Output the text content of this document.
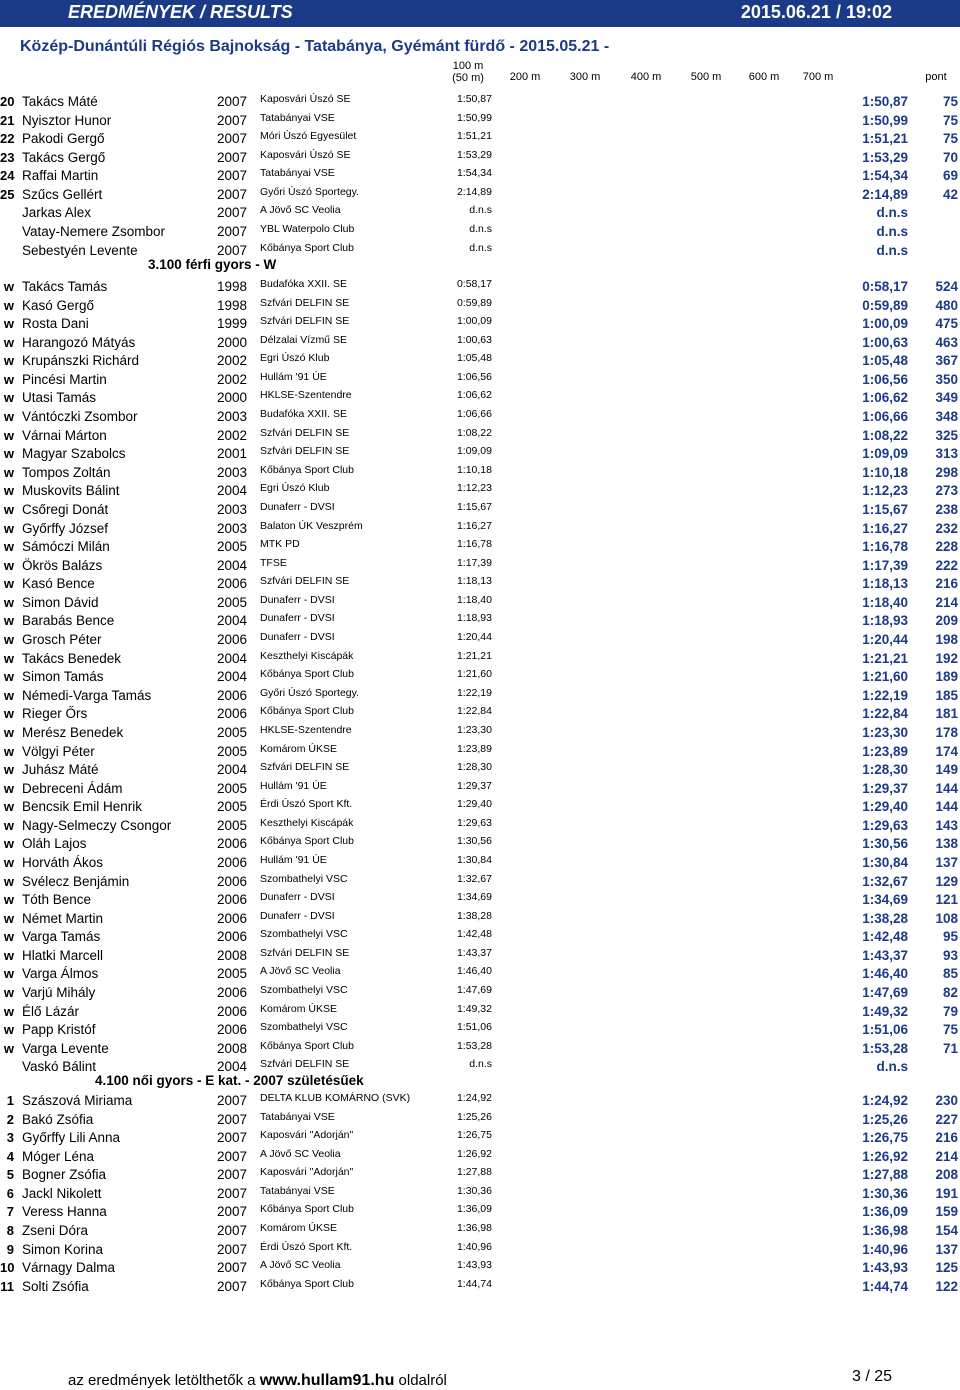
EREDMÉNYEK / RESULTS	2015.06.21 / 19:02
Közép-Dunántúli Régiós Bajnokság - Tatabánya, Gyémánt fürdő - 2015.05.21 -
100 m
(50 m)	200 m	300 m	400 m	500 m	600 m	700 m	pont
20 Takács Máté	2007 Kaposvári Úszó SE	1:50,87	1:50,87	75
21 Nyisztor Hunor	2007 Tatabányai VSE	1:50,99	1:50,99	75
22 Pakodi Gergő	2007 Móri Úszó Egyesület	1:51,21	1:51,21	75
23 Takács Gergő	2007 Kaposvári Úszó SE	1:53,29	1:53,29	70
24 Raffai Martin	2007 Tatabányai VSE	1:54,34	1:54,34	69
25 Szűcs Gellért	2007 Győri Úszó Sportegy.	2:14,89	2:14,89	42
Jarkas Alex	2007 A Jövő SC Veolia	d.n.s	d.n.s
Vatay-Nemere Zsombor	2007 YBL Waterpolo Club	d.n.s	d.n.s
Sebestyén Levente	2007 Kőbánya Sport Club	d.n.s	d.n.s
w Takács Tamás	1998 Budafóka XXII. SE	0:58,17	0:58,17	524
w Kasó Gergő	1998 Szfvári DELFIN SE	0:59,89	0:59,89	480
w Rosta Dani	1999 Szfvári DELFIN SE	1:00,09	1:00,09	475
w Harangozó Mátyás	2000 Délzalai Vízmű SE	1:00,63	1:00,63	463
w Krupánszki Richárd	2002 Egri Úszó Klub	1:05,48	1:05,48	367
w Pincési Martin	2002 Hullám '91 ÚE	1:06,56	1:06,56	350
w Utasi Tamás	2000 HKLSE-Szentendre	1:06,62	1:06,62	349
w Vántóczki Zsombor	2003 Budafóka XXII. SE	1:06,66	1:06,66	348
w Várnai Márton	2002 Szfvári DELFIN SE	1:08,22	1:08,22	325
w Magyar Szabolcs	2001 Szfvári DELFIN SE	1:09,09	1:09,09	313
w Tompos Zoltán	2003 Kőbánya Sport Club	1:10,18	1:10,18	298
w Muskovits Bálint	2004 Egri Úszó Klub	1:12,23	1:12,23	273
w Csőregi Donát	2003 Dunaferr - DVSI	1:15,67	1:15,67	238
w Győrffy József	2003 Balaton ÚK Veszprém	1:16,27	1:16,27	232
w Sámóczi Milán	2005 MTK PD	1:16,78	1:16,78	228
w Ökrös Balázs	2004 TFSE	1:17,39	1:17,39	222
w Kasó Bence	2006 Szfvári DELFIN SE	1:18,13	1:18,13	216
w Simon Dávid	2005 Dunaferr - DVSI	1:18,40	1:18,40	214
w Barabás Bence	2004 Dunaferr - DVSI	1:18,93	1:18,93	209
w Grosch Péter	2006 Dunaferr - DVSI	1:20,44	1:20,44	198
w Takács Benedek	2004 Keszthelyi Kiscápák	1:21,21	1:21,21	192
w Simon Tamás	2004 Kőbánya Sport Club	1:21,60	1:21,60	189
w Némedi-Varga Tamás	2006 Győri Úszó Sportegy.	1:22,19	1:22,19	185
w Rieger Őrs	2006 Kőbánya Sport Club	1:22,84	1:22,84	181
w Merész Benedek	2005 HKLSE-Szentendre	1:23,30	1:23,30	178
w Völgyi Péter	2005 Komárom ÚKSE	1:23,89	1:23,89	174
w Juhász Máté	2004 Szfvári DELFIN SE	1:28,30	1:28,30	149
w Debreceni Ádám	2005 Hullám '91 ÚE	1:29,37	1:29,37	144
w Bencsik Emil Henrik	2005 Érdi Úszó Sport Kft.	1:29,40	1:29,40	144
w Nagy-Selmeczy Csongor	2005 Keszthelyi Kiscápák	1:29,63	1:29,63	143
w Oláh Lajos	2006 Kőbánya Sport Club	1:30,56	1:30,56	138
w Horváth Ákos	2006 Hullám '91 ÚE	1:30,84	1:30,84	137
w Svélecz Benjámin	2006 Szombathelyi VSC	1:32,67	1:32,67	129
w Tóth Bence	2006 Dunaferr - DVSI	1:34,69	1:34,69	121
w Német Martin	2006 Dunaferr - DVSI	1:38,28	1:38,28	108
w Varga Tamás	2006 Szombathelyi VSC	1:42,48	1:42,48	95
w Hlatki Marcell	2008 Szfvári DELFIN SE	1:43,37	1:43,37	93
w Varga Álmos	2005 A Jövő SC Veolia	1:46,40	1:46,40	85
w Varjú Mihály	2006 Szombathelyi VSC	1:47,69	1:47,69	82
w Élő Lázár	2006 Komárom ÚKSE	1:49,32	1:49,32	79
w Papp Kristóf	2006 Szombathelyi VSC	1:51,06	1:51,06	75
w Varga Levente	2008 Kőbánya Sport Club	1:53,28	1:53,28	71
Vaskó Bálint	2004 Szfvári DELFIN SE	d.n.s	d.n.s
1 Szászová Miriama	2007 DELTA KLUB KOMÁRNO (SVK)	1:24,92	1:24,92	230
2 Bakó Zsófia	2007 Tatabányai VSE	1:25,26	1:25,26	227
3 Győrffy Lili Anna	2007 Kaposvári "Adorján"	1:26,75	1:26,75	216
4 Móger Léna	2007 A Jövő SC Veolia	1:26,92	1:26,92	214
5 Bogner Zsófia	2007 Kaposvári "Adorján"	1:27,88	1:27,88	208
6 Jackl Nikolett	2007 Tatabányai VSE	1:30,36	1:30,36	191
7 Veress Hanna	2007 Kőbánya Sport Club	1:36,09	1:36,09	159
8 Zseni Dóra	2007 Komárom ÚKSE	1:36,98	1:36,98	154
9 Simon Korina	2007 Érdi Úszó Sport Kft.	1:40,96	1:40,96	137
10 Várnagy Dalma	2007 A Jövő SC Veolia	1:43,93	1:43,93	125
11 Solti Zsófia	2007 Kőbánya Sport Club	1:44,74	1:44,74	122
3.100 férfi gyors - W
4.100 női gyors - E kat. - 2007 születésűek
az eredmények letölthetők a www.hullam91.hu oldalról	3 / 25
